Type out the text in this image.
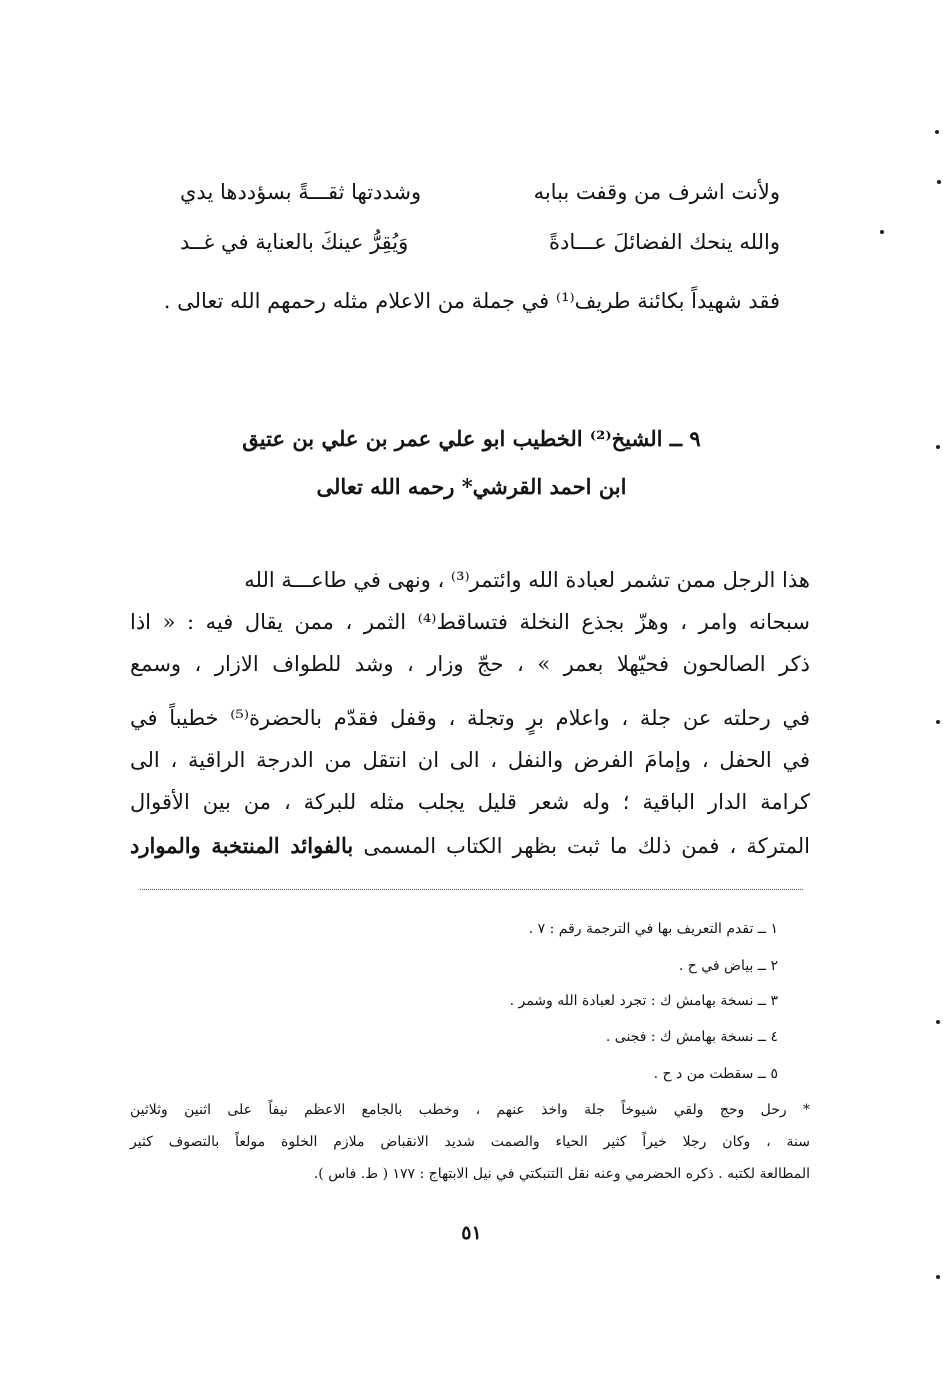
ولأنت اشرف من وقفت ببابه
وشددتها ثقـــةً بسؤددها يدي
والله ينحك الفضائلَ عـــادةً
وَيُقِرُّ عينكَ بالعناية في غــد
فقد شهيداً بكائنة طريف⁽¹⁾ في جملة من الاعلام مثله رحمهم الله تعالى .
٩ ــ الشيخ⁽²⁾ الخطيب ابو علي عمر بن علي بن عتيق
ابن احمد القرشي* رحمه الله تعالى
هذا الرجل ممن تشمر لعبادة الله وائتمر⁽³⁾ ، ونهى في طاعـــة الله
سبحانه وامر ، وهزّ بجذع النخلة فتساقط⁽⁴⁾ الثمر ، ممن يقال فيه : « اذا
ذكر الصالحون فحيّهلا بعمر » ، حجّ وزار ، وشد للطواف الازار ، وسمع
في رحلته عن جلة ، واعلام برٍ وتجلة ، وقفل فقدّم بالحضرة⁽⁵⁾ خطيباً في
في الحفل ، وإمامَ الفرض والنفل ، الى ان انتقل من الدرجة الراقية ، الى
كرامة الدار الباقية ؛ وله شعر قليل يجلب مثله للبركة ، من بين الأقوال
المتركة ، فمن ذلك ما ثبت بظهر الكتاب المسمى بالفوائد المنتخبة والموارد
١ ــ تقدم التعريف بها في الترجمة رقم : ٧ .
٢ ــ بياض في ح .
٣ ــ نسخة بهامش ك : تجرد لعبادة الله وشمر .
٤ ــ نسخة بهامش ك : فجنى .
٥ ــ سقطت من د ح .
* رحل وحج ولقي شيوخاً جلة واخذ عنهم ، وخطب بالجامع الاعظم نيفاً على اثنين وثلاثين
سنة ، وكان رجلا خيراً كثير الحياء والصمت شديد الانقباض ملازم الخلوة مولعاً بالتصوف كثير
المطالعة لكتبه . ذكره الحضرمي وعنه نقل التنبكتي في نيل الابتهاج : ١٧٧ ( ط. فاس ).
٥١
